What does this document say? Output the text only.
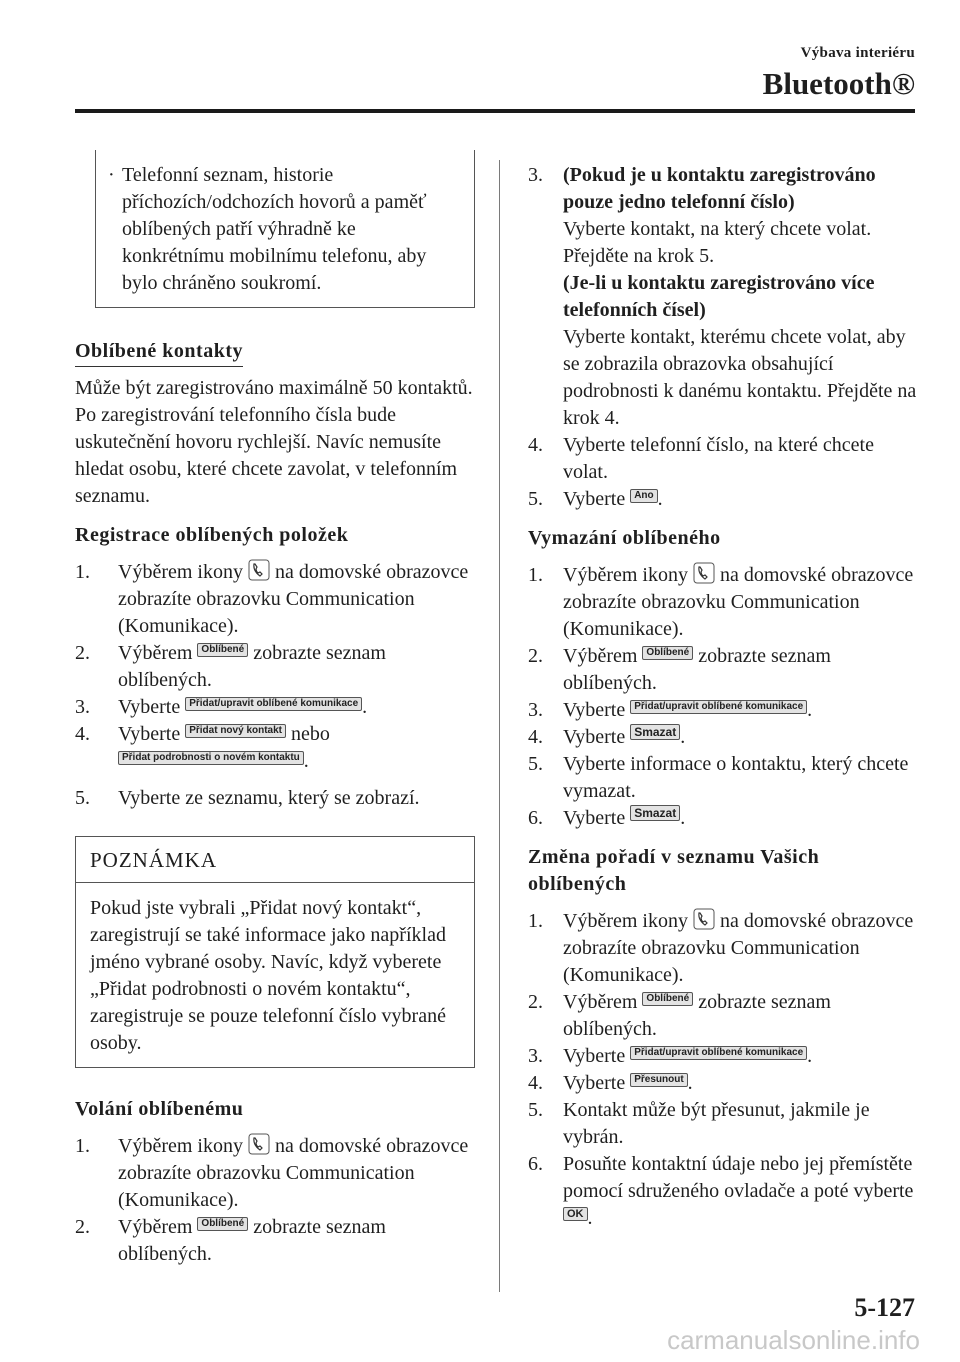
Výbava interiéru
Bluetooth®
· Telefonní seznam, historie příchozích/odchozích hovorů a paměť oblíbených patří výhradně ke konkrétnímu mobilnímu telefonu, aby bylo chráněno soukromí.
Oblíbené kontakty

Může být zaregistrováno maximálně 50 kontaktů. Po zaregistrování telefonního čísla bude uskutečnění hovoru rychlejší. Navíc nemusíte hledat osobu, které chcete zavolat, v telefonním seznamu.

Registrace oblíbených položek
1.	Výběrem ikony na domovské obrazovce zobrazíte obrazovku Communication (Komunikace).
2.	Výběrem Oblíbené zobrazte seznam oblíbených.
3.	Vyberte Přidat/upravit oblíbené komunikace .
4.	Vyberte Přidat nový kontakt nebo
Přidat podrobnosti o novém kontaktu .
5.	Vyberte ze seznamu, který se zobrazí.
POZNÁMKA
Pokud jste vybrali „Přidat nový kontakt“, zaregistrují se také informace jako například jméno vybrané osoby. Navíc, když vyberete „Přidat podrobnosti o novém kontaktu“, zaregistruje se pouze telefonní číslo vybrané osoby.
Volání oblíbenému
1.	Výběrem ikony na domovské obrazovce zobrazíte obrazovku Communication (Komunikace).
2.	Výběrem Oblíbené zobrazte seznam oblíbených.
3.	(Pokud je u kontaktu zaregistrováno pouze jedno telefonní číslo)
Vyberte kontakt, na který chcete volat. Přejděte na krok 5.
(Je-li u kontaktu zaregistrováno více telefonních čísel)
Vyberte kontakt, kterému chcete volat, aby se zobrazila obrazovka obsahující podrobnosti k danému kontaktu. Přejděte na krok 4.
4.	Vyberte telefonní číslo, na které chcete volat.
5.	Vyberte Ano .
Vymazání oblíbeného
1.	Výběrem ikony na domovské obrazovce zobrazíte obrazovku Communication (Komunikace).
2.	Výběrem Oblíbené zobrazte seznam oblíbených.
3.	Vyberte Přidat/upravit oblíbené komunikace .
4.	Vyberte Smazat .
5.	Vyberte informace o kontaktu, který chcete vymazat.
6.	Vyberte Smazat .
Změna pořadí v seznamu Vašich oblíbených
1.	Výběrem ikony na domovské obrazovce zobrazíte obrazovku Communication (Komunikace).
2.	Výběrem Oblíbené zobrazte seznam oblíbených.
3.	Vyberte Přidat/upravit oblíbené komunikace .
4.	Vyberte Přesunout .
5.	Kontakt může být přesunut, jakmile je vybrán.
6.	Posuňte kontaktní údaje nebo jej přemístěte pomocí sdruženého ovladače a poté vyberte OK .
5-127
carmanualsonline.info
